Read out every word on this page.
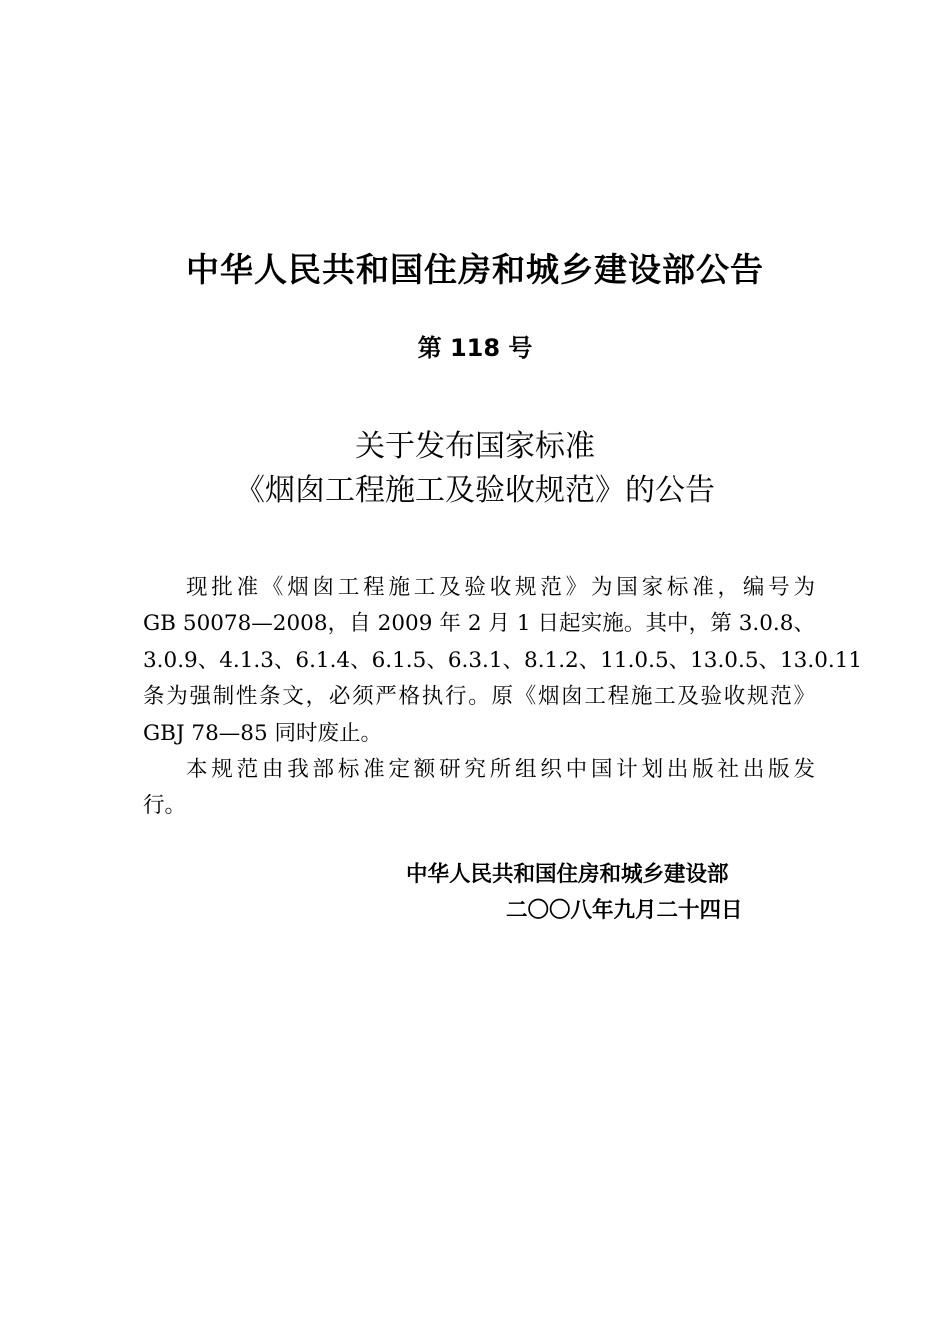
中华人民共和国住房和城乡建设部公告
第 118 号
关于发布国家标准
《烟囱工程施工及验收规范》的公告
现批准《烟囱工程施工及验收规范》为国家标准，编号为
GB 50078—2008，自 2009 年 2 月 1 日起实施。其中，第 3.0.8、
3.0.9、4.1.3、6.1.4、6.1.5、6.3.1、8.1.2、11.0.5、13.0.5、13.0.11
条为强制性条文，必须严格执行。原《烟囱工程施工及验收规范》
GBJ 78—85 同时废止。
本规范由我部标准定额研究所组织中国计划出版社出版发
行。
中华人民共和国住房和城乡建设部
二〇〇八年九月二十四日
